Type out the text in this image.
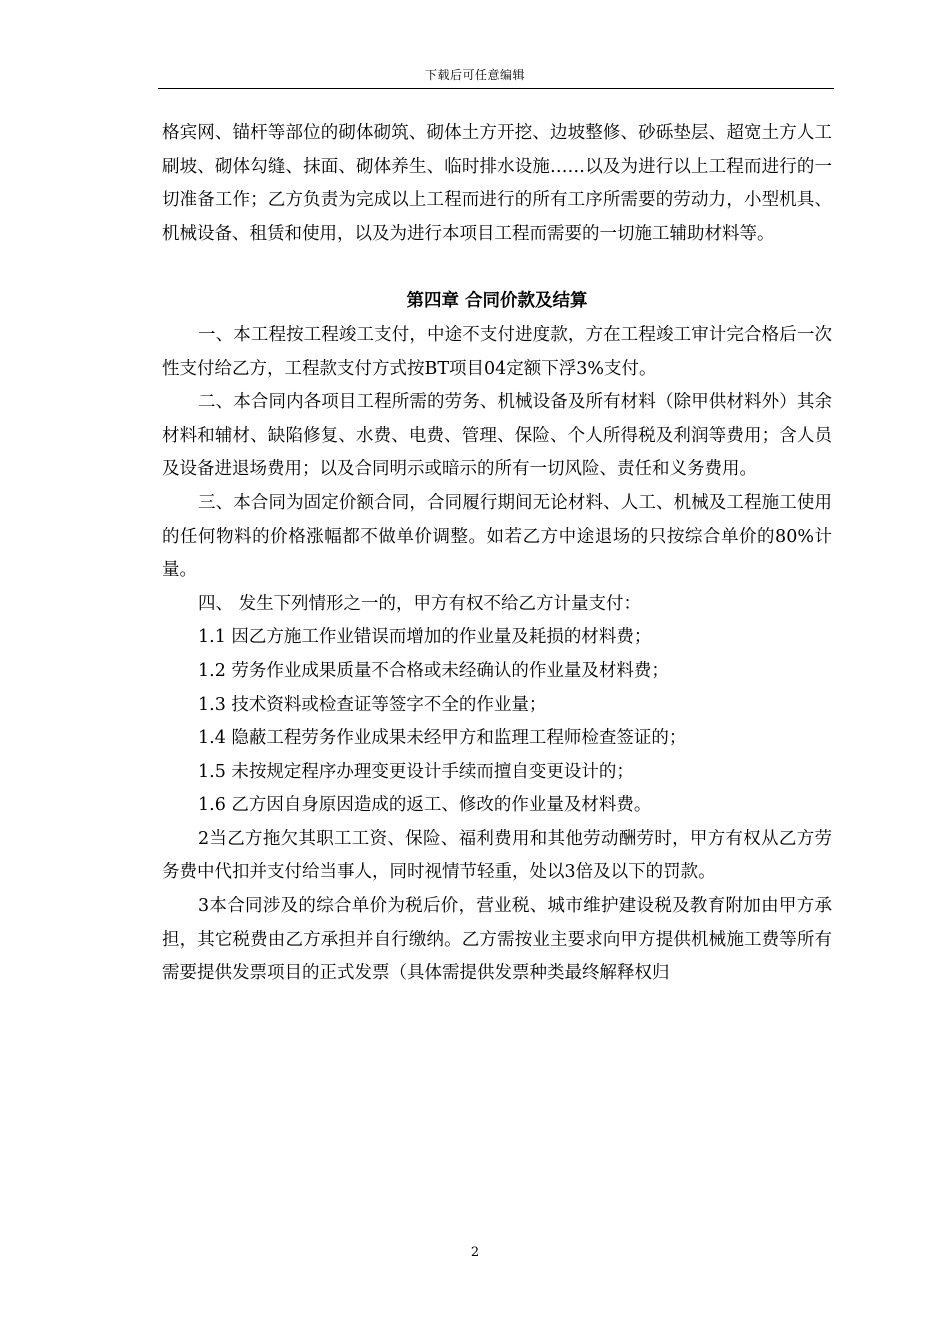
下载后可任意编辑

格宾网、锚杆等部位的砌体砌筑、砌体土方开挖、边坡整修、砂砾垫层、超宽土方人工刷坡、砌体勾缝、抹面、砌体养生、临时排水设施……以及为进行以上工程而进行的一切准备工作；乙方负责为完成以上工程而进行的所有工序所需要的劳动力，小型机具、机械设备、租赁和使用，以及为进行本项目工程而需要的一切施工辅助材料等。

第四章 合同价款及结算

一、本工程按工程竣工支付，中途不支付进度款，方在工程竣工审计完合格后一次性支付给乙方，工程款支付方式按BT项目04定额下浮3%支付。

二、本合同内各项目工程所需的劳务、机械设备及所有材料（除甲供材料外）其余材料和辅材、缺陷修复、水费、电费、管理、保险、个人所得税及利润等费用；含人员及设备进退场费用；以及合同明示或暗示的所有一切风险、责任和义务费用。

三、本合同为固定价额合同，合同履行期间无论材料、人工、机械及工程施工使用的任何物料的价格涨幅都不做单价调整。如若乙方中途退场的只按综合单价的80%计量。

四、 发生下列情形之一的，甲方有权不给乙方计量支付：

1.1 因乙方施工作业错误而增加的作业量及耗损的材料费；

1.2 劳务作业成果质量不合格或未经确认的作业量及材料费；

1.3 技术资料或检查证等签字不全的作业量；

1.4 隐蔽工程劳务作业成果未经甲方和监理工程师检查签证的；

1.5 未按规定程序办理变更设计手续而擅自变更设计的；

1.6 乙方因自身原因造成的返工、修改的作业量及材料费。

2当乙方拖欠其职工工资、保险、福利费用和其他劳动酬劳时，甲方有权从乙方劳务费中代扣并支付给当事人，同时视情节轻重，处以3倍及以下的罚款。

3本合同涉及的综合单价为税后价，营业税、城市维护建设税及教育附加由甲方承担，其它税费由乙方承担并自行缴纳。乙方需按业主要求向甲方提供机械施工费等所有需要提供发票项目的正式发票（具体需提供发票种类最终解释权归

2
